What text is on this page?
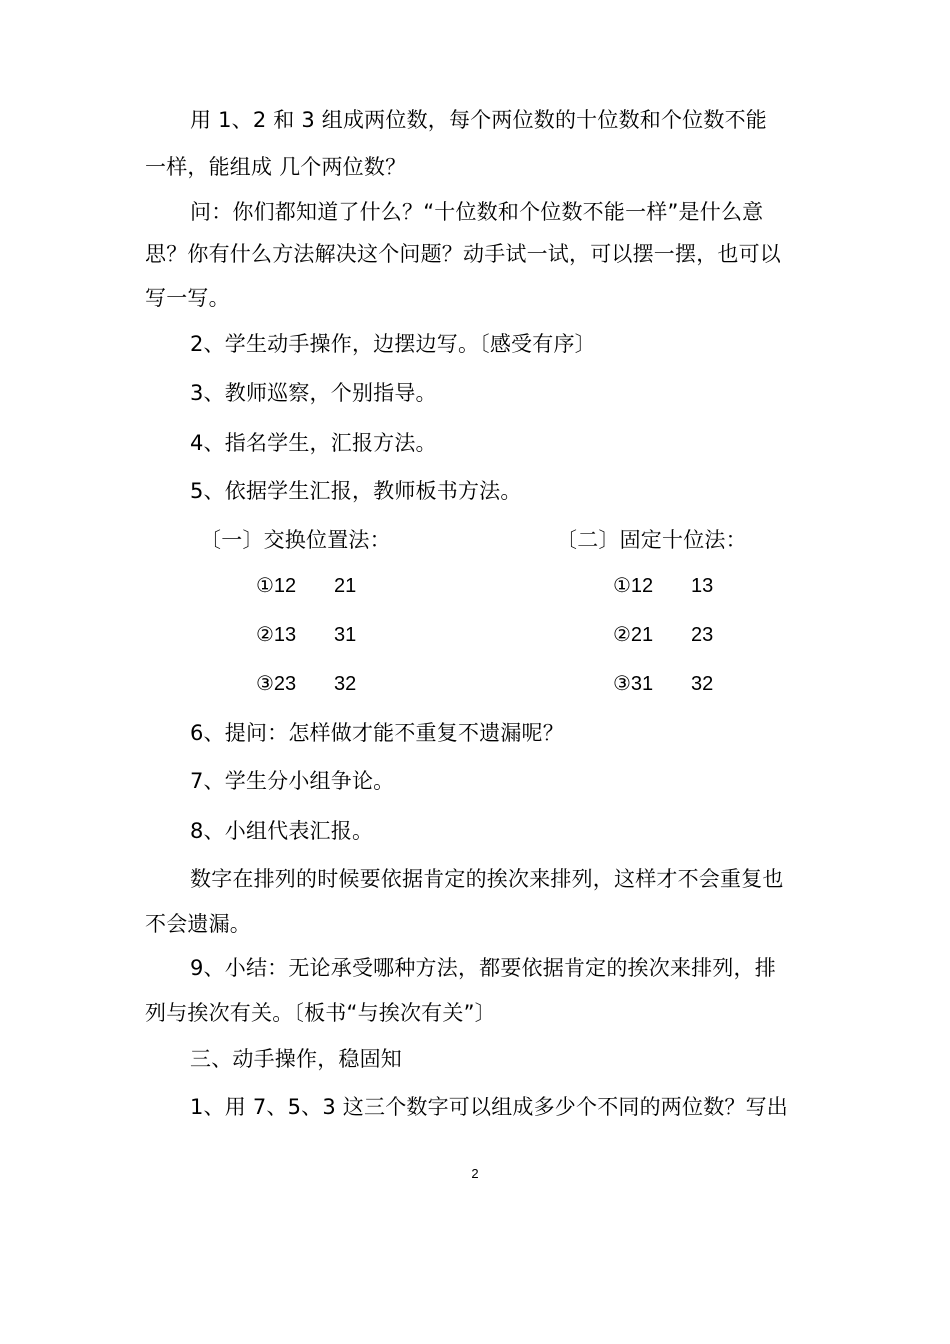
用 1、2 和 3 组成两位数，每个两位数的十位数和个位数不能
一样，能组成 几个两位数？
问：你们都知道了什么？“十位数和个位数不能一样”是什么意
思？你有什么方法解决这个问题？动手试一试，可以摆一摆，也可以
写一写。
2、学生动手操作，边摆边写。〔感受有序〕
3、教师巡察，个别指导。
4、指名学生，汇报方法。
5、依据学生汇报，教师板书方法。
〔一〕交换位置法：	〔二〕固定十位法：
①12 21
②13 31
③23 32
①12 13
②21 23
③31 32
6、提问：怎样做才能不重复不遗漏呢？
7、学生分小组争论。
8、小组代表汇报。
数字在排列的时候要依据肯定的挨次来排列，这样才不会重复也
不会遗漏。
9、小结：无论承受哪种方法，都要依据肯定的挨次来排列，排
列与挨次有关。〔板书“与挨次有关”〕
三、动手操作，稳固知
1、用 7、5、3 这三个数字可以组成多少个不同的两位数？写出
2
